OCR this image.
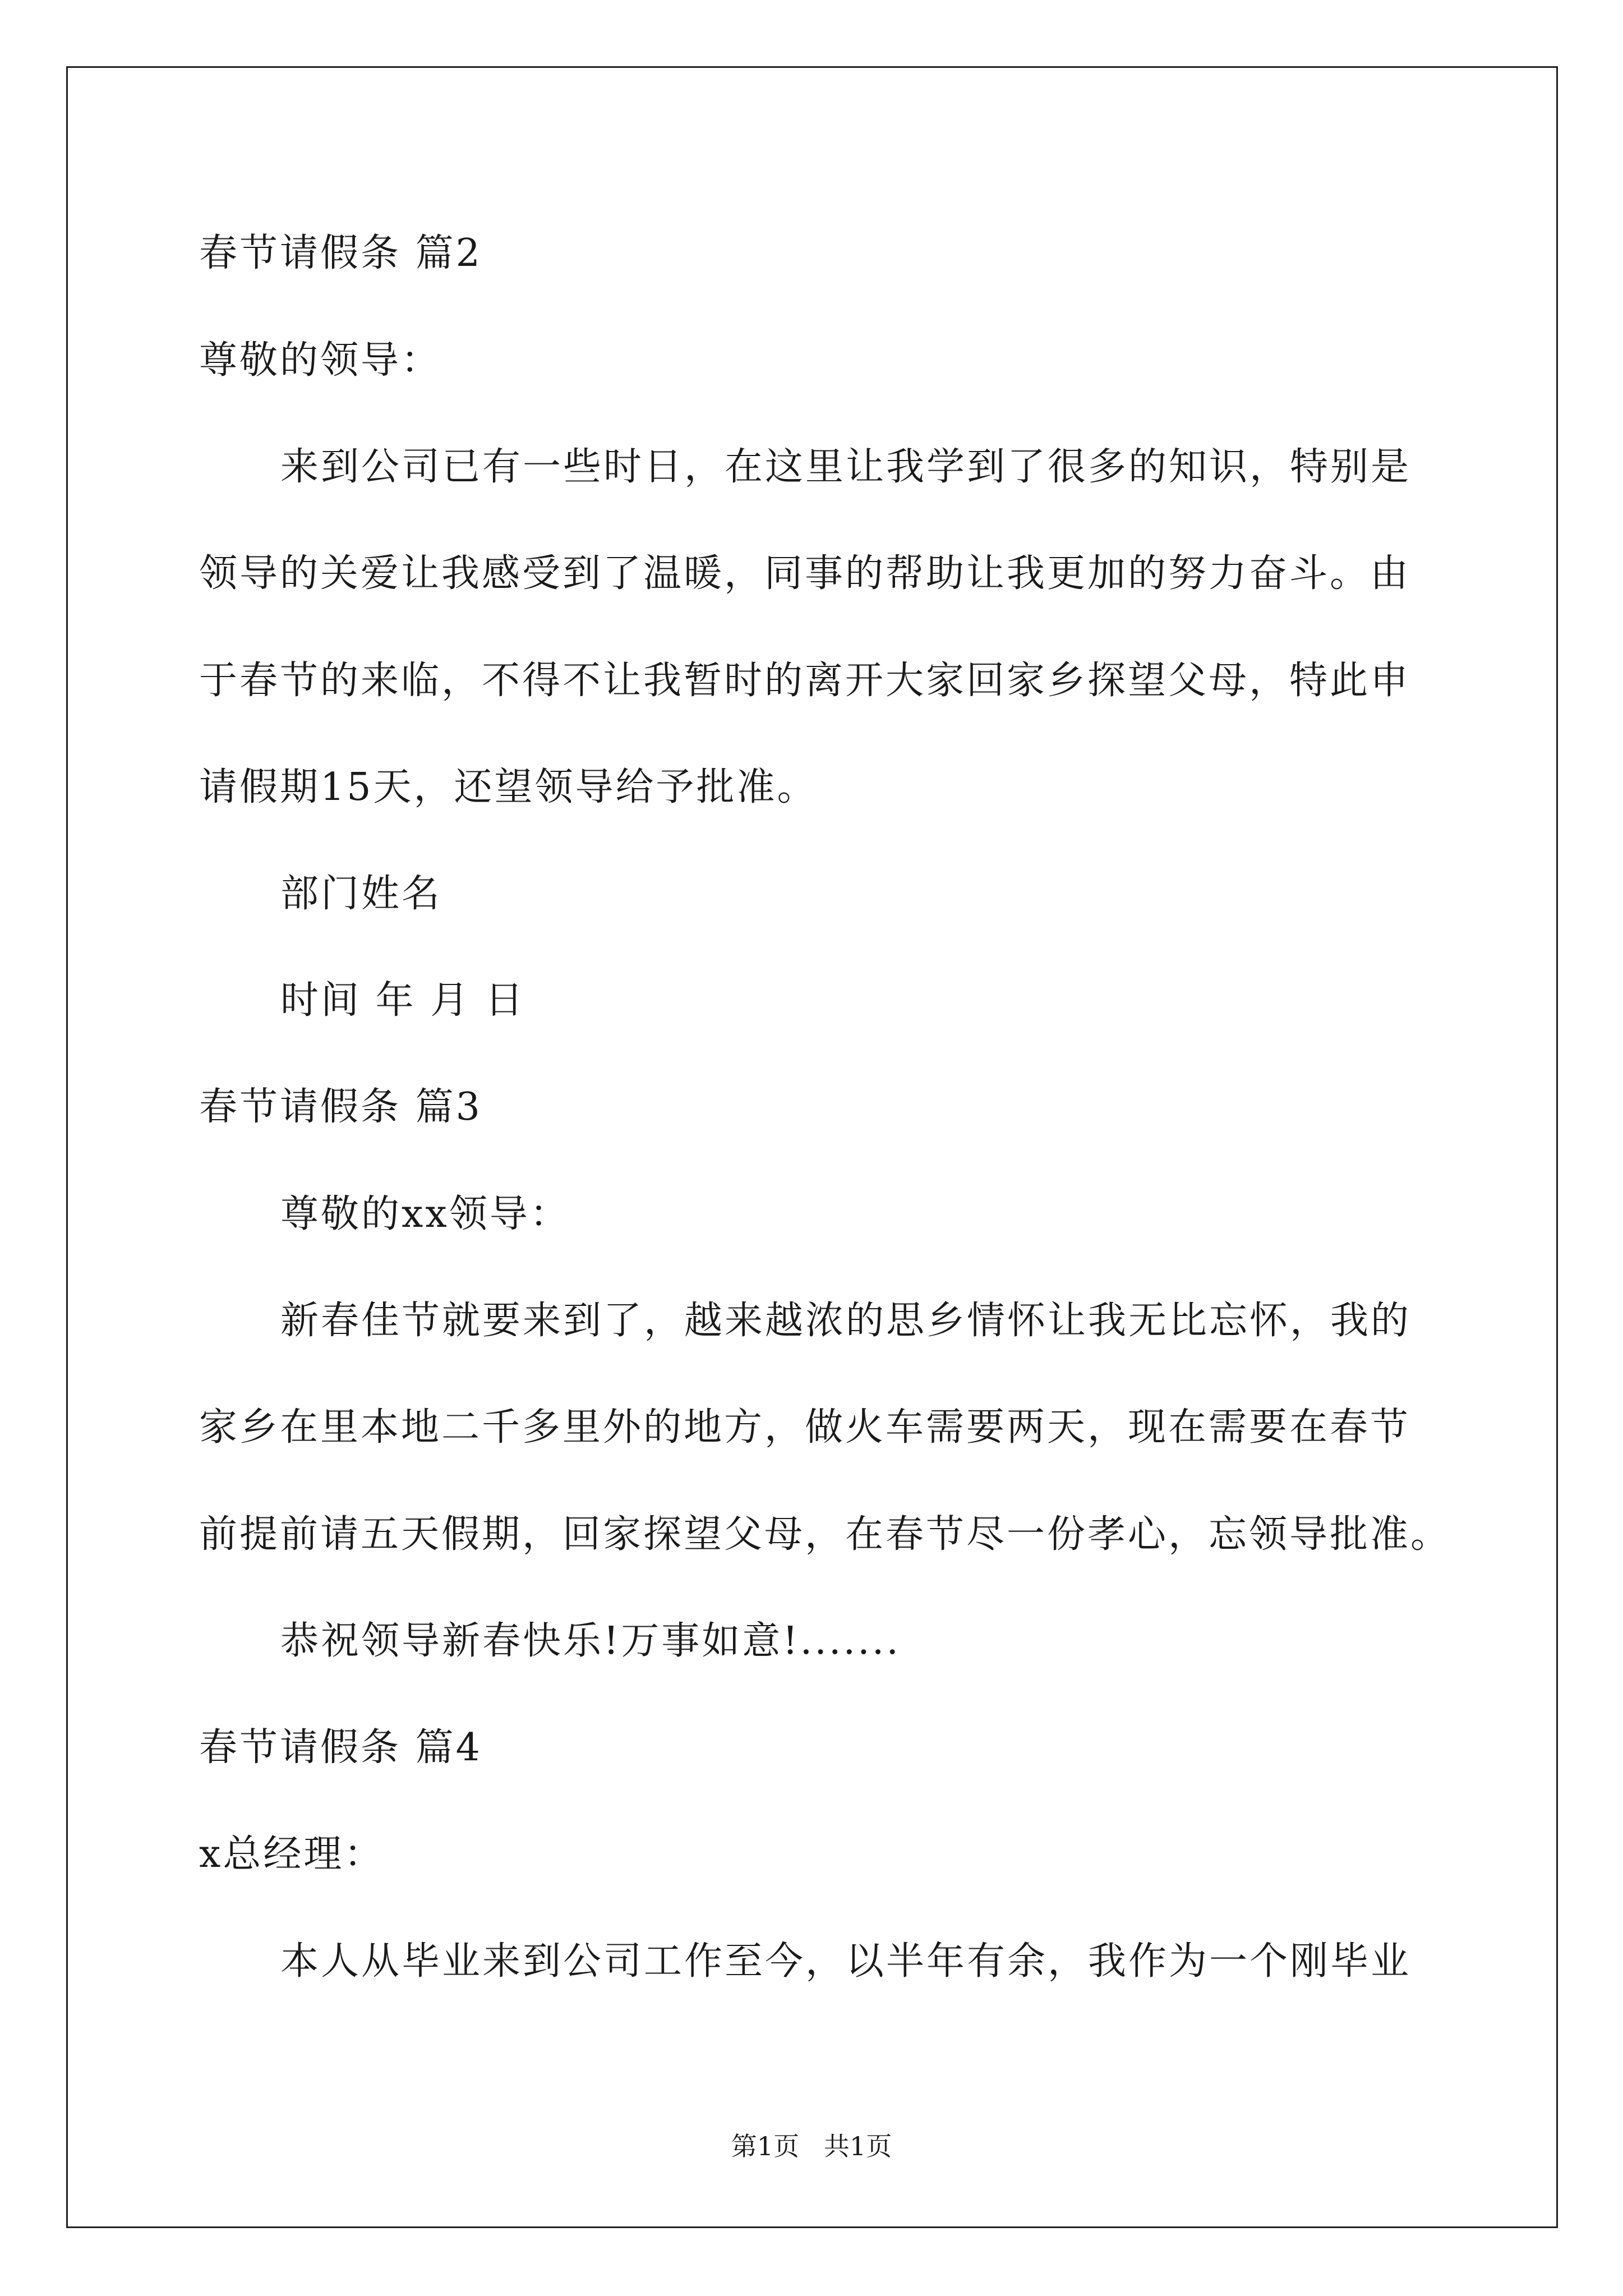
春节请假条 篇2
尊敬的领导：
来到公司已有一些时日，在这里让我学到了很多的知识，特别是
领导的关爱让我感受到了温暖，同事的帮助让我更加的努力奋斗。由
于春节的来临，不得不让我暂时的离开大家回家乡探望父母，特此申
请假期15天，还望领导给予批准。
部门姓名
时间 年 月 日
春节请假条 篇3
尊敬的xx领导：
新春佳节就要来到了，越来越浓的思乡情怀让我无比忘怀，我的
家乡在里本地二千多里外的地方，做火车需要两天，现在需要在春节
前提前请五天假期，回家探望父母，在春节尽一份孝心，忘领导批准。
恭祝领导新春快乐!万事如意!.......
春节请假条 篇4
x总经理：
本人从毕业来到公司工作至今，以半年有余，我作为一个刚毕业
第1页   共1页
